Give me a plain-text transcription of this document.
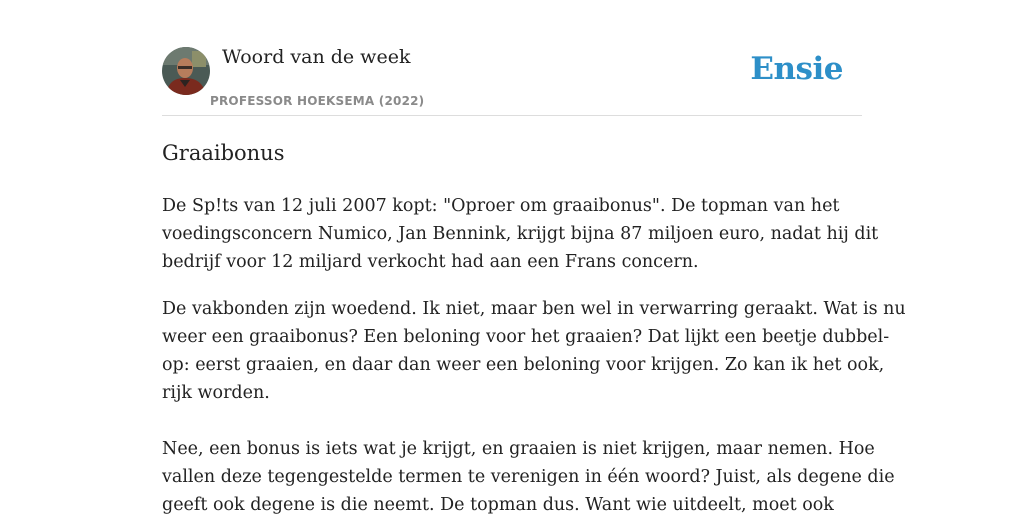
Woord van de week
PROFESSOR HOEKSEMA (2022)
Ensie
Graaibonus

De Sp!ts van 12 juli 2007 kopt: "Oproer om graaibonus". De topman van het
voedingsconcern Numico, Jan Bennink, krijgt bijna 87 miljoen euro, nadat hij dit
bedrijf voor 12 miljard verkocht had aan een Frans concern.

De vakbonden zijn woedend. Ik niet, maar ben wel in verwarring geraakt. Wat is nu
weer een graaibonus? Een beloning voor het graaien? Dat lijkt een beetje dubbel-
op: eerst graaien, en daar dan weer een beloning voor krijgen. Zo kan ik het ook,
rijk worden.

Nee, een bonus is iets wat je krijgt, en graaien is niet krijgen, maar nemen. Hoe
vallen deze tegengestelde termen te verenigen in één woord? Juist, als degene die
geeft ook degene is die neemt. De topman dus. Want wie uitdeelt, moet ook
